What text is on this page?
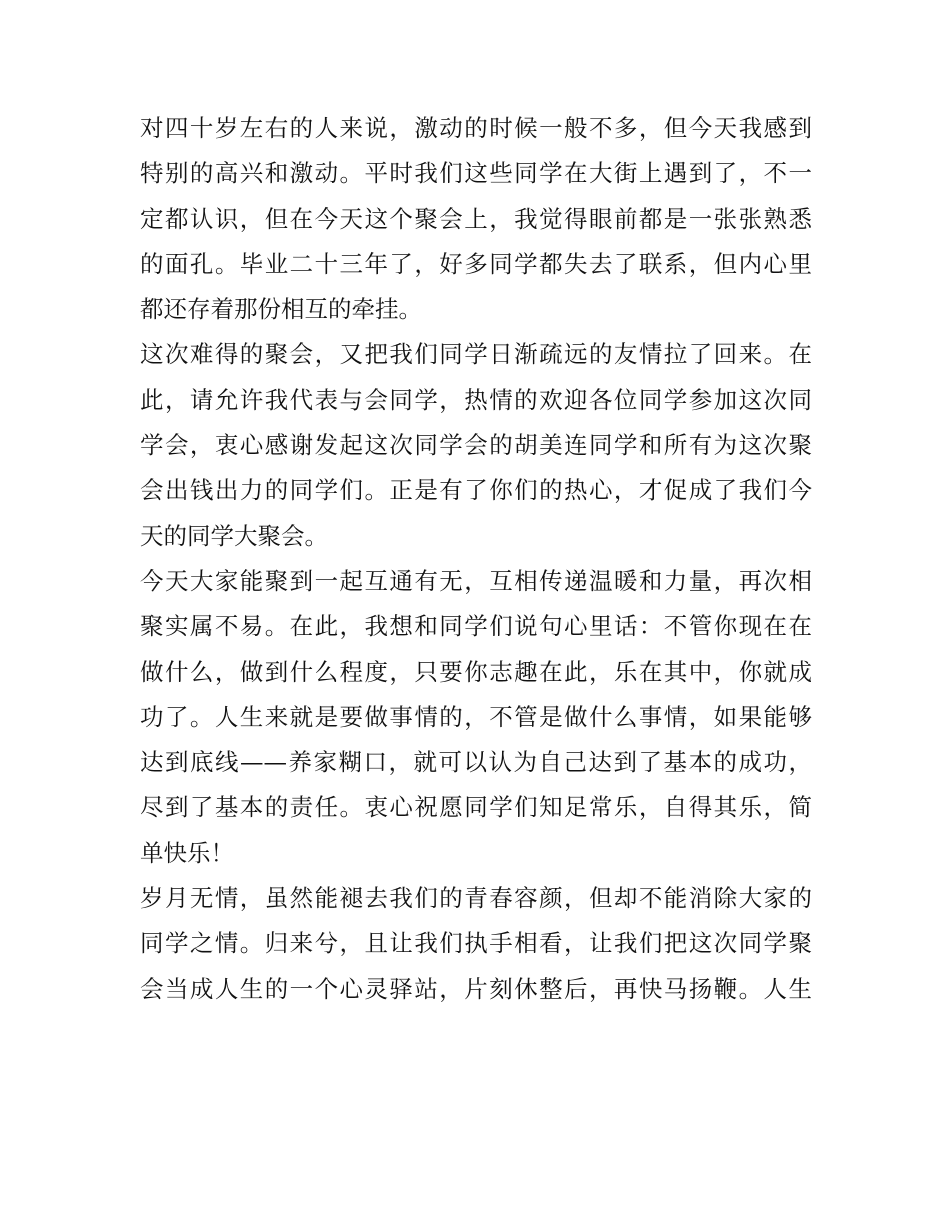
对四十岁左右的人来说，激动的时候一般不多，但今天我感到
特别的高兴和激动。平时我们这些同学在大街上遇到了，不一
定都认识，但在今天这个聚会上，我觉得眼前都是一张张熟悉
的面孔。毕业二十三年了，好多同学都失去了联系，但内心里
都还存着那份相互的牵挂。
这次难得的聚会，又把我们同学日渐疏远的友情拉了回来。在
此，请允许我代表与会同学，热情的欢迎各位同学参加这次同
学会，衷心感谢发起这次同学会的胡美连同学和所有为这次聚
会出钱出力的同学们。正是有了你们的热心，才促成了我们今
天的同学大聚会。
今天大家能聚到一起互通有无，互相传递温暖和力量，再次相
聚实属不易。在此，我想和同学们说句心里话：不管你现在在
做什么，做到什么程度，只要你志趣在此，乐在其中，你就成
功了。人生来就是要做事情的，不管是做什么事情，如果能够
达到底线——养家糊口，就可以认为自己达到了基本的成功，
尽到了基本的责任。衷心祝愿同学们知足常乐，自得其乐，简
单快乐！
岁月无情，虽然能褪去我们的青春容颜，但却不能消除大家的
同学之情。归来兮，且让我们执手相看，让我们把这次同学聚
会当成人生的一个心灵驿站，片刻休整后，再快马扬鞭。人生
